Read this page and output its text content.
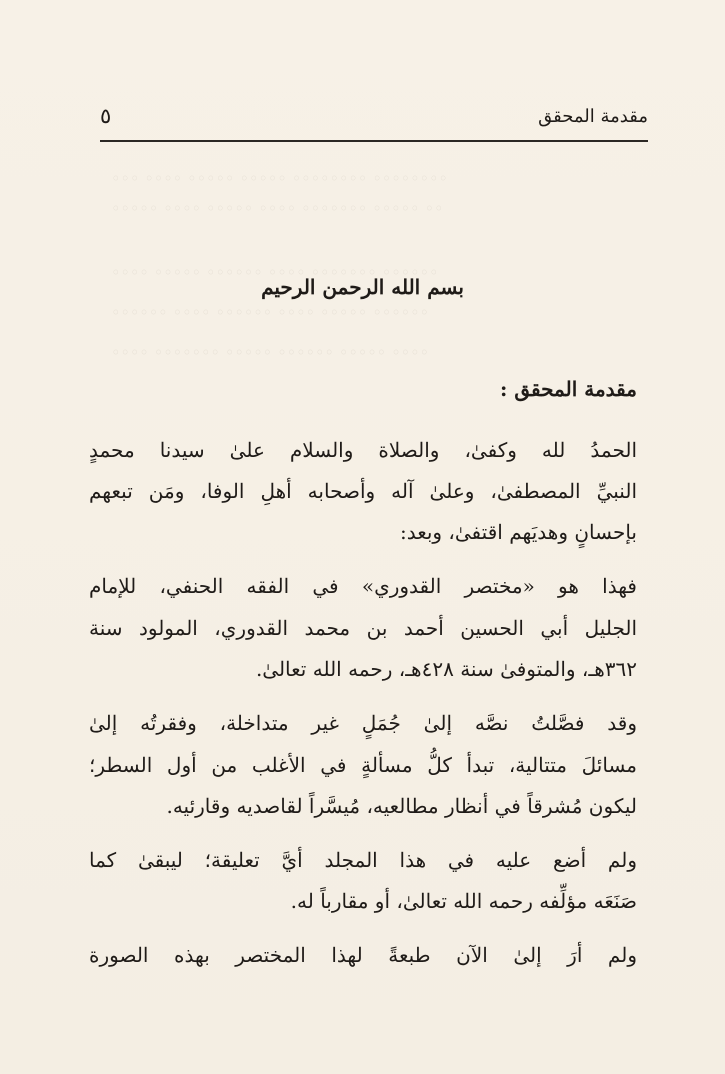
◦◦◦ ◦◦◦◦ ◦◦◦◦◦ ◦◦◦◦◦ ◦◦◦◦◦◦◦◦ ◦◦◦◦◦◦◦◦
◦◦◦◦◦ ◦◦◦◦ ◦◦◦◦◦ ◦◦◦◦ ◦◦◦◦◦◦◦ ◦◦◦◦◦ ◦◦
◦◦◦◦ ◦◦◦◦◦ ◦◦◦◦◦◦ ◦◦◦◦ ◦◦◦◦◦◦◦ ◦◦◦◦◦◦
◦◦◦◦◦◦ ◦◦◦◦ ◦◦◦◦◦◦ ◦◦◦◦ ◦◦◦◦◦ ◦◦◦◦◦◦
◦◦◦◦ ◦◦◦◦◦◦◦ ◦◦◦◦◦ ◦◦◦◦◦◦ ◦◦◦◦◦ ◦◦◦◦
مقدمة المحقق
٥
بسم الله الرحمن الرحيم
مقدمة المحقق :
الحمدُ لله وكفىٰ، والصلاة والسلام علىٰ سيدنا محمدٍ
النبيِّ المصطفىٰ، وعلىٰ آله وأصحابه أهلِ الوفا، ومَن تبعهم
بإحسانٍ وهديَهم اقتفىٰ، وبعد:
فهذا هو «مختصر القدوري» في الفقه الحنفي، للإمام
الجليل أبي الحسين أحمد بن محمد القدوري، المولود سنة
٣٦٢هـ، والمتوفىٰ سنة ٤٢٨هـ، رحمه الله تعالىٰ.
وقد فصَّلتُ نصَّه إلىٰ جُمَلٍ غير متداخلة، وفقرتُه إلىٰ
مسائلَ متتالية، تبدأ كلُّ مسألةٍ في الأغلب من أول السطر؛
ليكون مُشرقاً في أنظار مطالعيه، مُيسَّراً لقاصديه وقارئيه.
ولم أضع عليه في هذا المجلد أيَّ تعليقة؛ ليبقىٰ كما
صَنَعَه مؤلِّفه رحمه الله تعالىٰ، أو مقارباً له.
ولم أرَ إلىٰ الآن طبعةً لهذا المختصر بهذه الصورة
